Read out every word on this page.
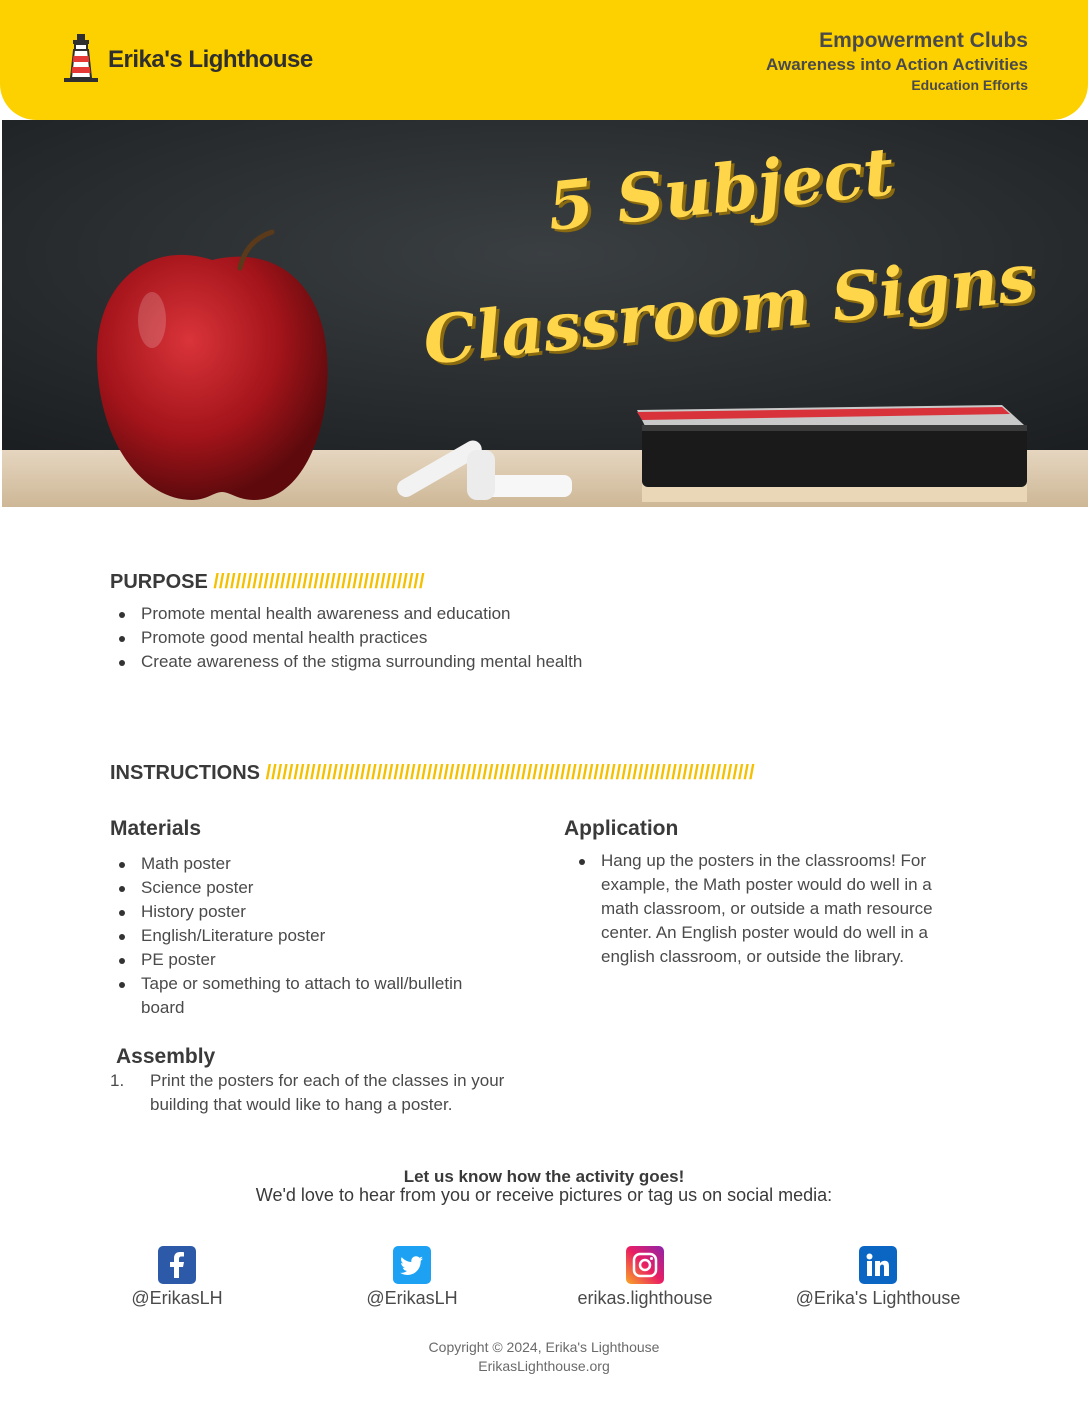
Erika's Lighthouse
Empowerment Clubs
Awareness into Action Activities
Education Efforts
5 Subject
Classroom Signs
PURPOSE //////////////////////////////////////
Promote mental health awareness and education
Promote good mental health practices
Create awareness of the stigma surrounding mental health
INSTRUCTIONS ////////////////////////////////////////////////////////////////////////////////////////
Materials
Math poster
Science poster
History poster
English/Literature poster
PE poster
Tape or something to attach to wall/bulletin board
Assembly
1. Print the posters for each of the classes in your building that would like to hang a poster.
Application
Hang up the posters in the classrooms! For example, the Math poster would do well in a math classroom, or outside a math resource center. An English poster would do well in a english classroom, or outside the library.
Let us know how the activity goes!
We'd love to hear from you or receive pictures or tag us on social media:
@ErikasLH	@ErikasLH	erikas.lighthouse	@Erika's Lighthouse
Copyright © 2024, Erika's Lighthouse
ErikasLighthouse.org
